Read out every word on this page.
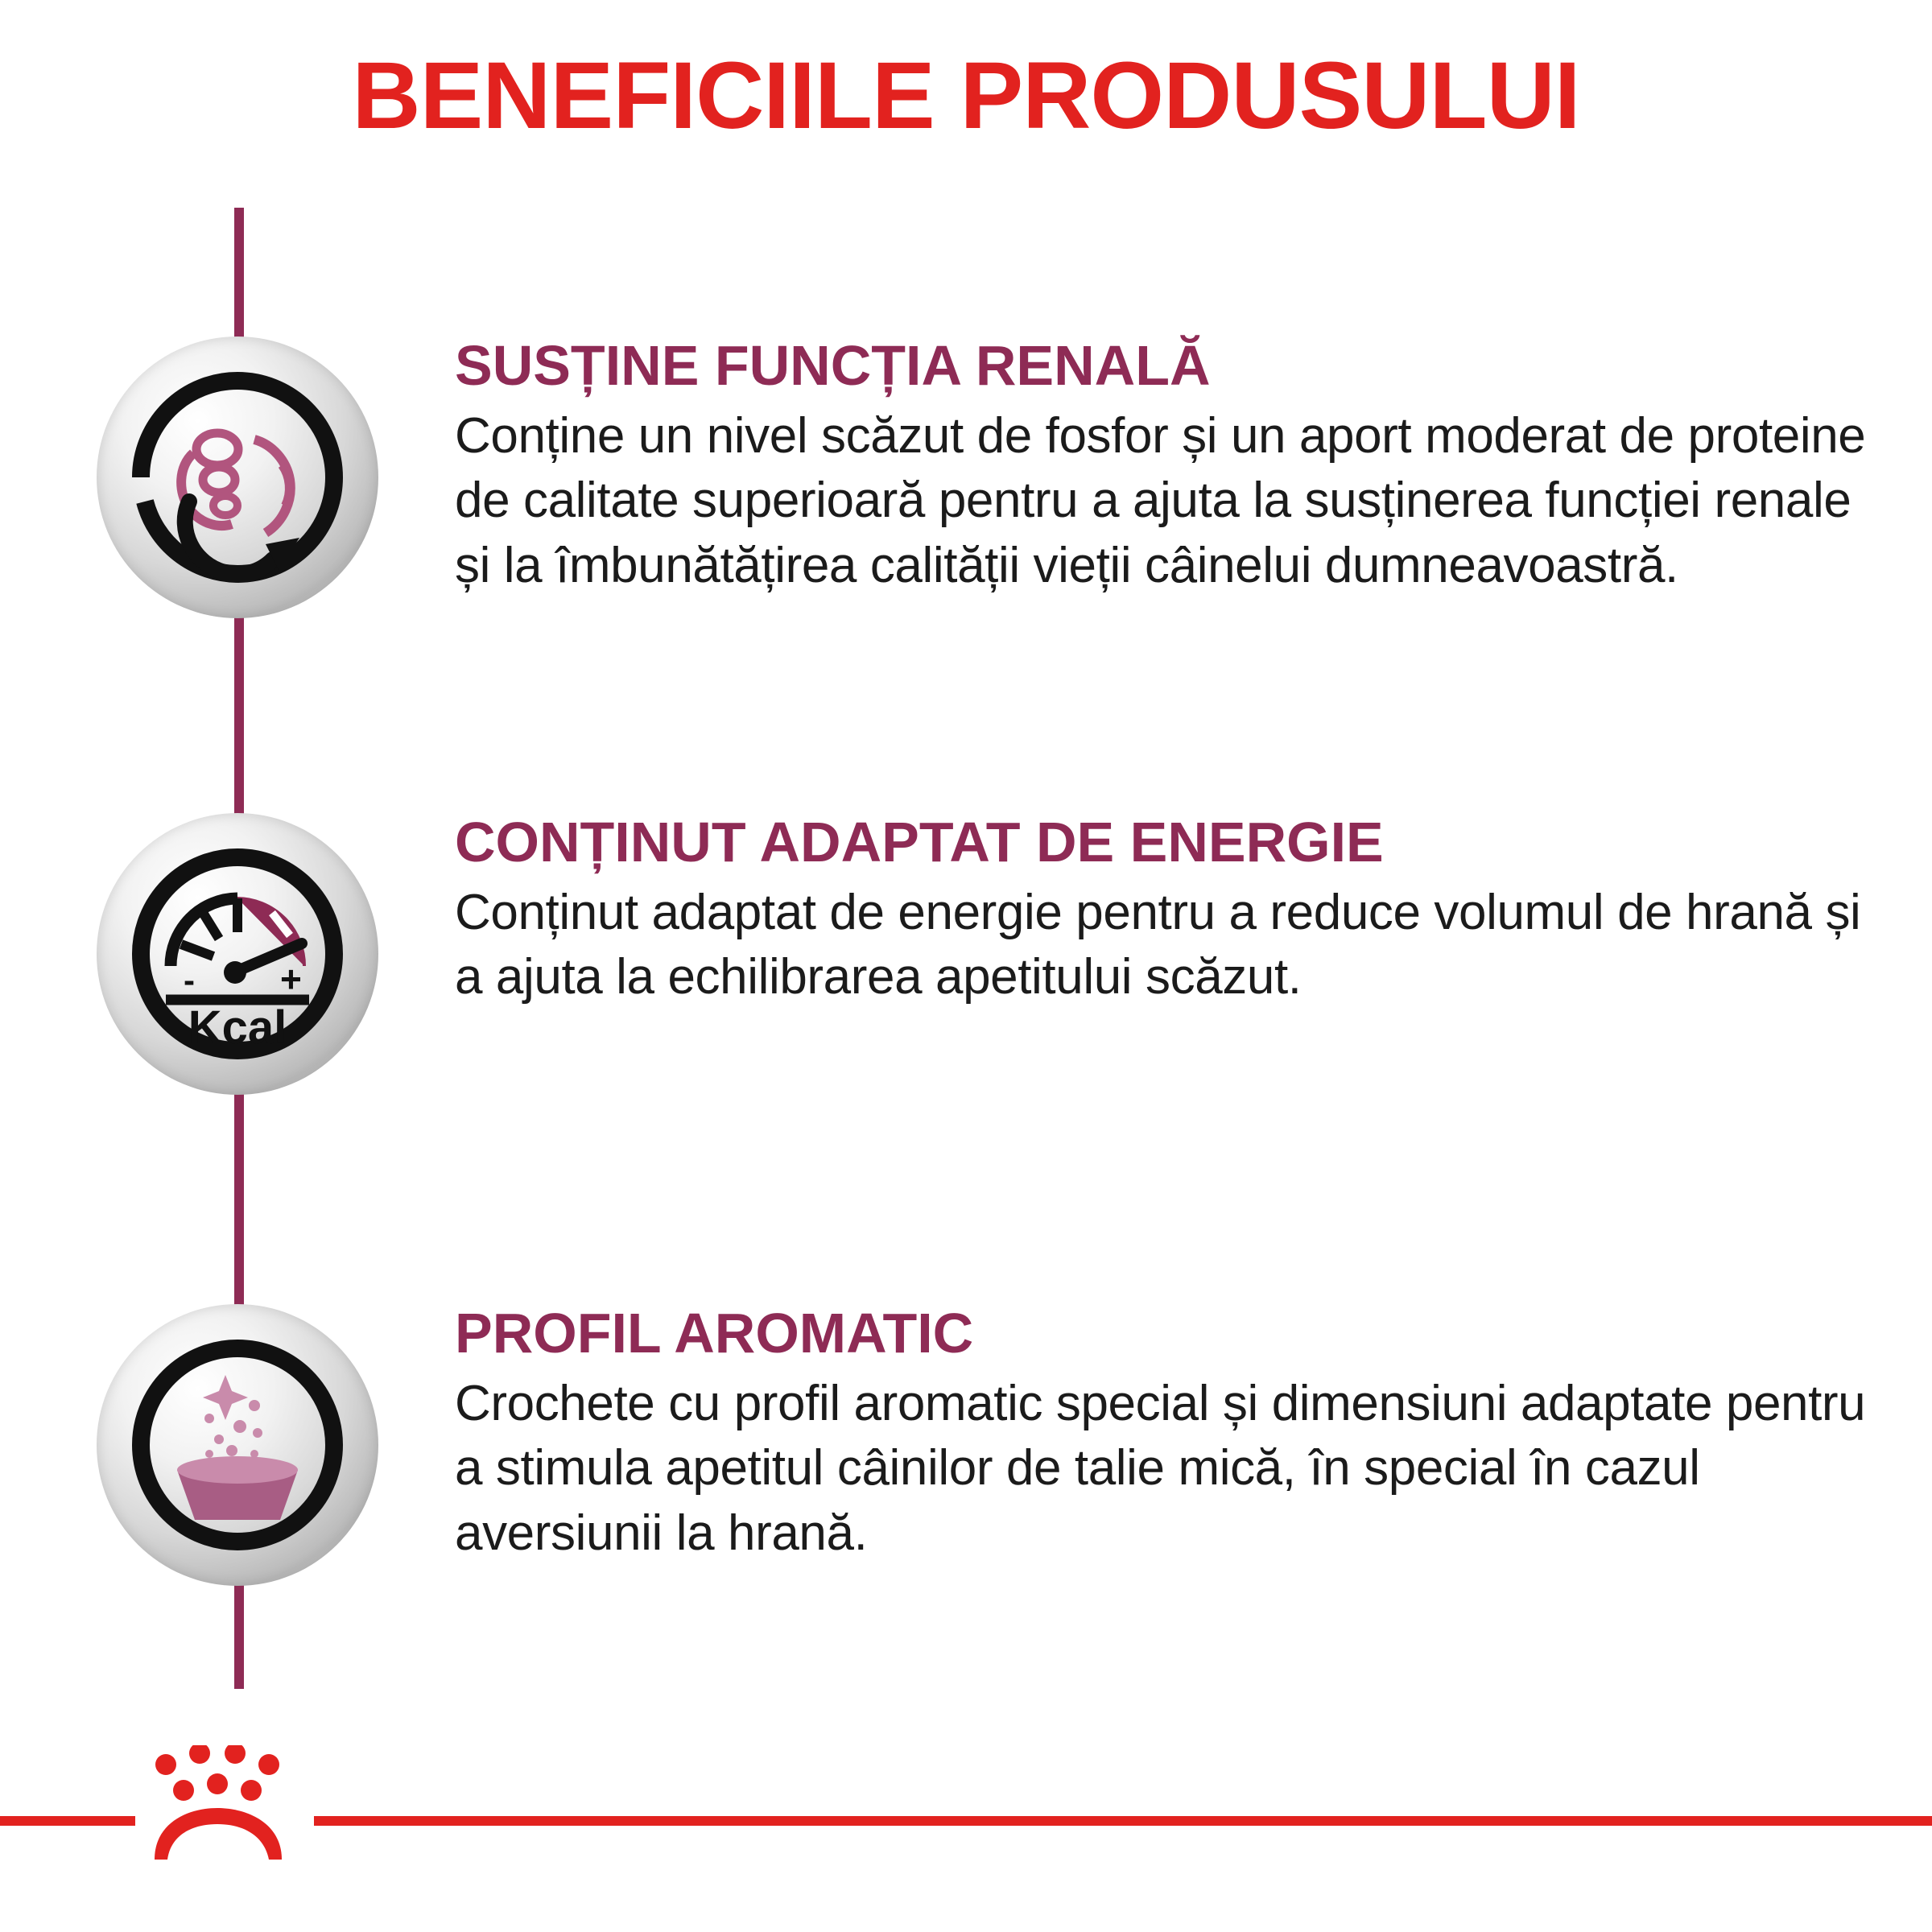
BENEFICIILE PRODUSULUI
SUSȚINE FUNCȚIA RENALĂ

Conține un nivel scăzut de fosfor și un aport moderat de proteine de calitate superioară pentru a ajuta la susținerea funcției renale și la îmbunătățirea calității vieții câinelui dumneavoastră.

- +
Kcal
CONȚINUT ADAPTAT DE ENERGIE

Conținut adaptat de energie pentru a reduce volumul de hrană și a ajuta la echilibrarea apetitului scăzut.

PROFIL AROMATIC

Crochete cu profil aromatic special și dimensiuni adaptate pentru a stimula apetitul câinilor de talie mică, în special în cazul aversiunii la hrană.
